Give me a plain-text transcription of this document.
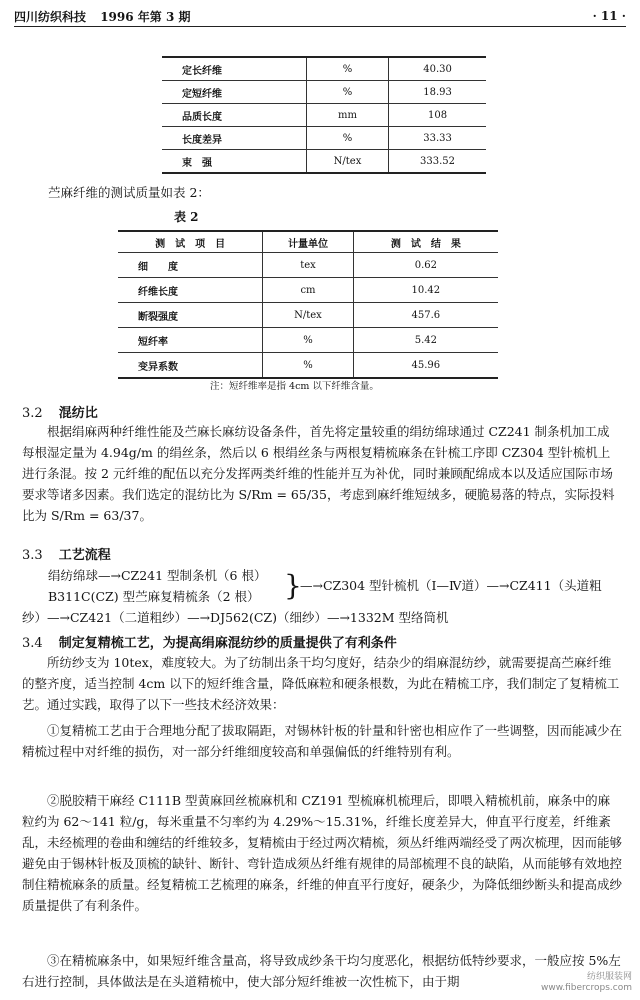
四川纺织科技 1996 年第 3 期	· 11 ·
定长纤维	%	40.30
定短纤维	%	18.93
品质长度	mm	108
长度差异	%	33.33
束　强	N/tex	333.52
苎麻纤维的测试质量如表 2：
表 2
测　试　项　目	计量单位	测　试　结　果
细　　度	tex	0.62
纤维长度	cm	10.42
断裂强度	N/tex	457.6
短纤率	%	5.42
变异系数	%	45.96
注：短纤维率是指 4cm 以下纤维含量。
3.2 混纺比
根据绢麻两种纤维性能及苎麻长麻纺设备条件，首先将定量较重的绢纺绵球通过 CZ241 制条机加工成每根湿定量为 4.94g/m 的绢丝条，然后以 6 根绢丝条与两根复精梳麻条在针梳工序即 CZ304 型针梳机上进行条混。按 2 元纤维的配伍以充分发挥两类纤维的性能并互为补优，同时兼顾配绵成本以及适应国际市场要求等诸多因素。我们选定的混纺比为 S/Rm = 65/35，考虑到麻纤维短绒多，硬脆易落的特点，实际投料比为 S/Rm = 63/37。
3.3 工艺流程
绢纺绵球—→CZ241 型制条机（6 根）
B311C(CZ) 型苎麻复精梳条（2 根） }
—→CZ304 型针梳机（Ⅰ—Ⅳ道）—→CZ411（头道粗
纱）—→CZ421（二道粗纱）—→DJ562(CZ)（细纱）—→1332M 型络筒机
3.4 制定复精梳工艺，为提高绢麻混纺纱的质量提供了有利条件
所纺纱支为 10tex，难度较大。为了纺制出条干均匀度好，结杂少的绢麻混纺纱，就需要提高苎麻纤维的整齐度，适当控制 4cm 以下的短纤维含量，降低麻粒和硬条根数，为此在精梳工序，我们制定了复精梳工艺。通过实践，取得了以下一些技术经济效果：
①复精梳工艺由于合理地分配了拔取隔距，对锡林针板的针量和针密也相应作了一些调整，因而能减少在精梳过程中对纤维的损伤，对一部分纤维细度较高和单强偏低的纤维特别有利。
②脱胶精干麻经 C111B 型黄麻回丝梳麻机和 CZ191 型梳麻机梳理后，即喂入精梳机前，麻条中的麻粒约为 62～141 粒/g，每米重量不匀率约为 4.29%～15.31%，纤维长度差异大，伸直平行度差，纤维紊乱，未经梳理的卷曲和缠结的纤维较多，复精梳由于经过两次精梳，须丛纤维两端经受了两次梳理，因而能够避免由于锡林针板及顶梳的缺针、断针、弯针造成须丛纤维有规律的局部梳理不良的缺陷，从而能够有效地控制住精梳麻条的质量。经复精梳工艺梳理的麻条，纤维的伸直平行度好，硬条少，为降低细纱断头和提高成纱质量提供了有利条件。
③在精梳麻条中，如果短纤维含量高，将导致成纱条干均匀度恶化，根据纺低特纱要求，一般应按 5%左右进行控制，具体做法是在头道精梳中，使大部分短纤维被一次性梳下，由于期	纺织服装网
www.fibercrops.com
